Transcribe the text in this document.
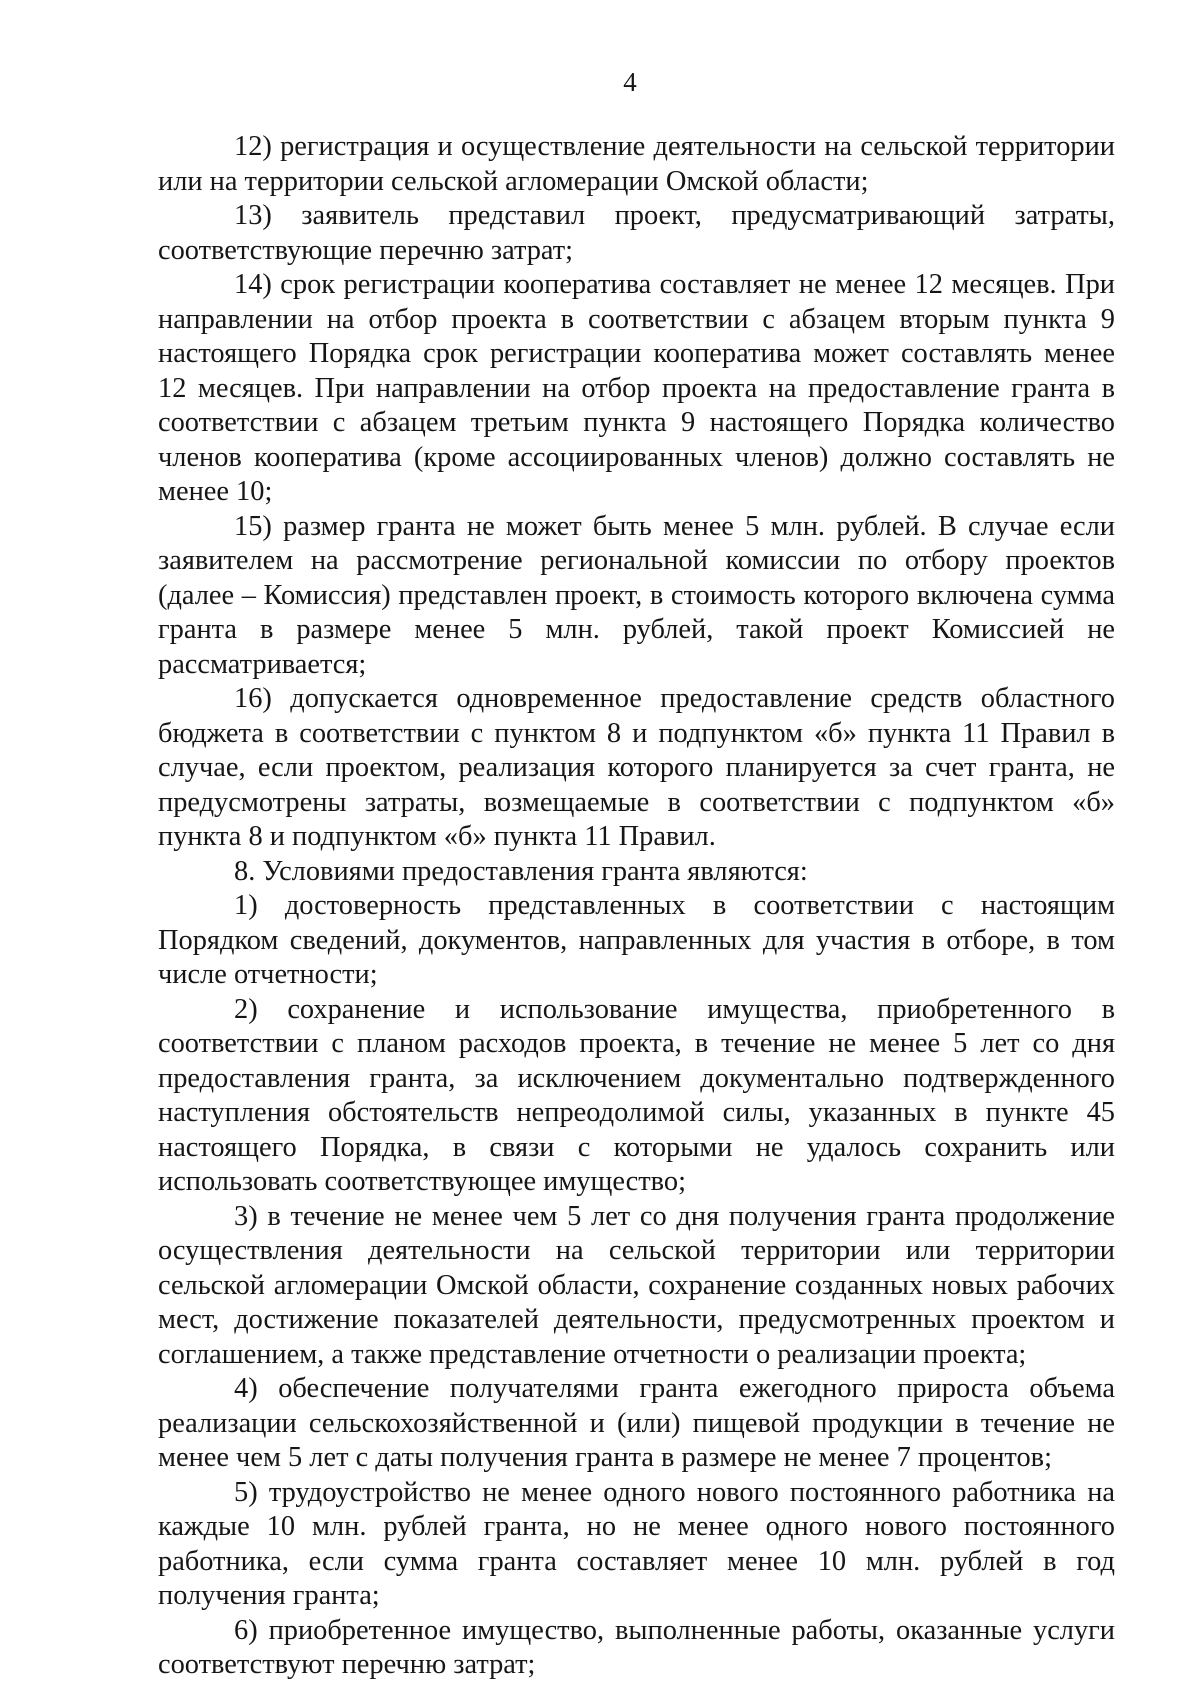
4

12) регистрация и осуществление деятельности на сельской территории или на территории сельской агломерации Омской области;

13) заявитель представил проект, предусматривающий затраты, соответствующие перечню затрат;

14) срок регистрации кооператива составляет не менее 12 месяцев. При направлении на отбор проекта в соответствии с абзацем вторым пункта 9 настоящего Порядка срок регистрации кооператива может составлять менее 12 месяцев. При направлении на отбор проекта на предоставление гранта в соответствии с абзацем третьим пункта 9 настоящего Порядка количество членов кооператива (кроме ассоциированных членов) должно составлять не менее 10;

15) размер гранта не может быть менее 5 млн. рублей. В случае если заявителем на рассмотрение региональной комиссии по отбору проектов (далее – Комиссия) представлен проект, в стоимость которого включена сумма гранта в размере менее 5 млн. рублей, такой проект Комиссией не рассматривается;

16) допускается одновременное предоставление средств областного бюджета в соответствии с пунктом 8 и подпунктом «б» пункта 11 Правил в случае, если проектом, реализация которого планируется за счет гранта, не предусмотрены затраты, возмещаемые в соответствии с подпунктом «б» пункта 8 и подпунктом «б» пункта 11 Правил.

8. Условиями предоставления гранта являются:

1) достоверность представленных в соответствии с настоящим Порядком сведений, документов, направленных для участия в отборе, в том числе отчетности;

2) сохранение и использование имущества, приобретенного в соответствии с планом расходов проекта, в течение не менее 5 лет со дня предоставления гранта, за исключением документально подтвержденного наступления обстоятельств непреодолимой силы, указанных в пункте 45 настоящего Порядка, в связи с которыми не удалось сохранить или использовать соответствующее имущество;

3) в течение не менее чем 5 лет со дня получения гранта продолжение осуществления деятельности на сельской территории или территории сельской агломерации Омской области, сохранение созданных новых рабочих мест, достижение показателей деятельности, предусмотренных проектом и соглашением, а также представление отчетности о реализации проекта;

4) обеспечение получателями гранта ежегодного прироста объема реализации сельскохозяйственной и (или) пищевой продукции в течение не менее чем 5 лет с даты получения гранта в размере не менее 7 процентов;

5) трудоустройство не менее одного нового постоянного работника на каждые 10 млн. рублей гранта, но не менее одного нового постоянного работника, если сумма гранта составляет менее 10 млн. рублей в год получения гранта;

6) приобретенное имущество, выполненные работы, оказанные услуги соответствуют перечню затрат;
